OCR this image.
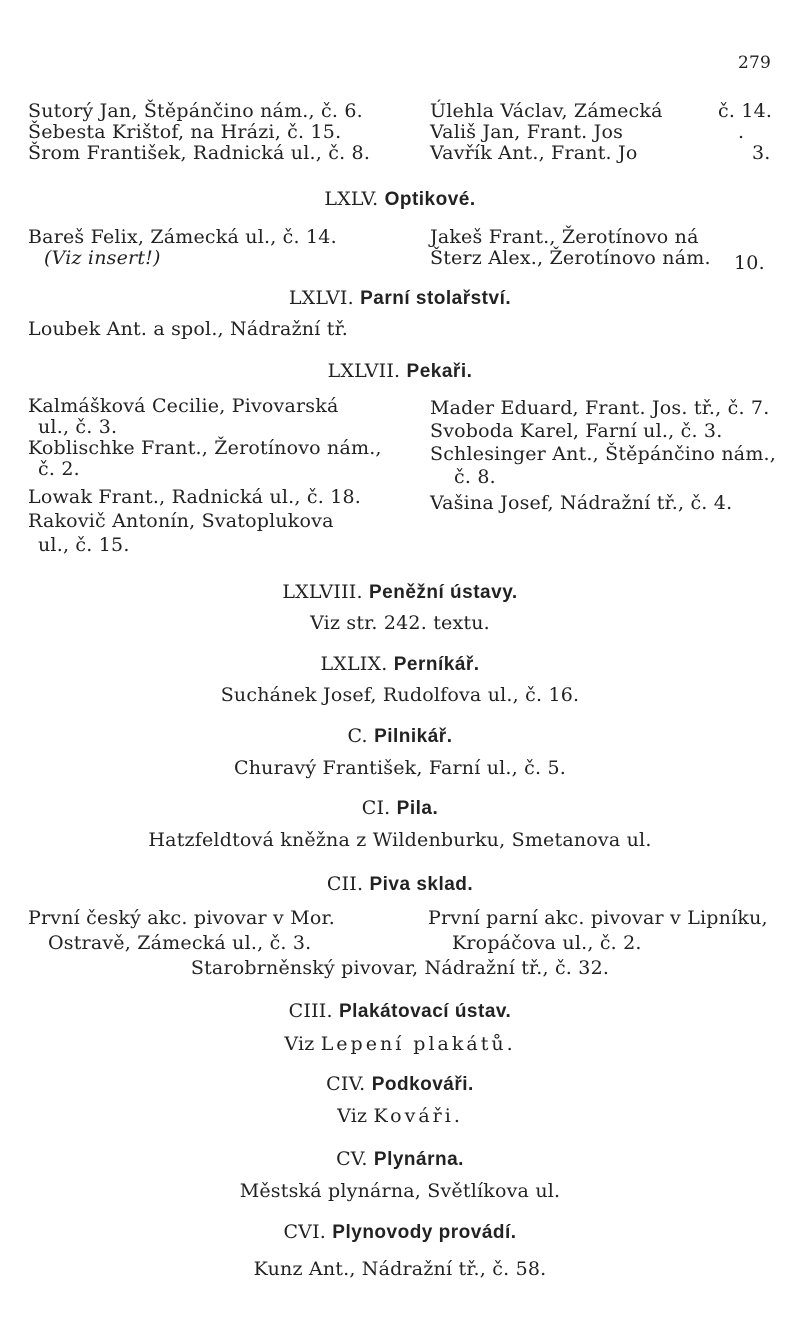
279
Sutorý Jan, Štěpánčino nám., č. 6.
Šebesta Krištof, na Hrázi, č. 15.
Šrom František, Radnická ul., č. 8.
Úlehla Václav, Zámecká
Vališ Jan, Frant. Jos
Vavřík Ant., Frant. Jo
č. 14.
.
3.
LXLV. Optikové.
Bareš Felix, Zámecká ul., č. 14.
(Viz insert!)
Jakeš Frant., Žerotínovo ná
Šterz Alex., Žerotínovo nám. 10.
LXLVI. Parní stolařství.
Loubek Ant. a spol., Nádražní tř.
LXLVII. Pekaři.
Kalmášková Cecilie, Pivovarská
ul., č. 3.
Koblischke Frant., Žerotínovo nám.,
č. 2.
Lowak Frant., Radnická ul., č. 18.
Rakovič Antonín, Svatoplukova
ul., č. 15.
Mader Eduard, Frant. Jos. tř., č. 7.
Svoboda Karel, Farní ul., č. 3.
Schlesinger Ant., Štěpánčino nám.,
č. 8.
Vašina Josef, Nádražní tř., č. 4.
LXLVIII. Peněžní ústavy.
Viz str. 242. textu.
LXLIX. Perníkář.
Suchánek Josef, Rudolfova ul., č. 16.
C. Pilnikář.
Churavý František, Farní ul., č. 5.
CI. Pila.
Hatzfeldtová kněžna z Wildenburku, Smetanova ul.
CII. Piva sklad.
První český akc. pivovar v Mor.
Ostravě, Zámecká ul., č. 3.
První parní akc. pivovar v Lipníku,
Kropáčova ul., č. 2.
Starobrněnský pivovar, Nádražní tř., č. 32.
CIII. Plakátovací ústav.
Viz Lepení plakátů.
CIV. Podkováři.
Viz Kováři.
CV. Plynárna.
Městská plynárna, Světlíkova ul.
CVI. Plynovody provádí.
Kunz Ant., Nádražní tř., č. 58.
